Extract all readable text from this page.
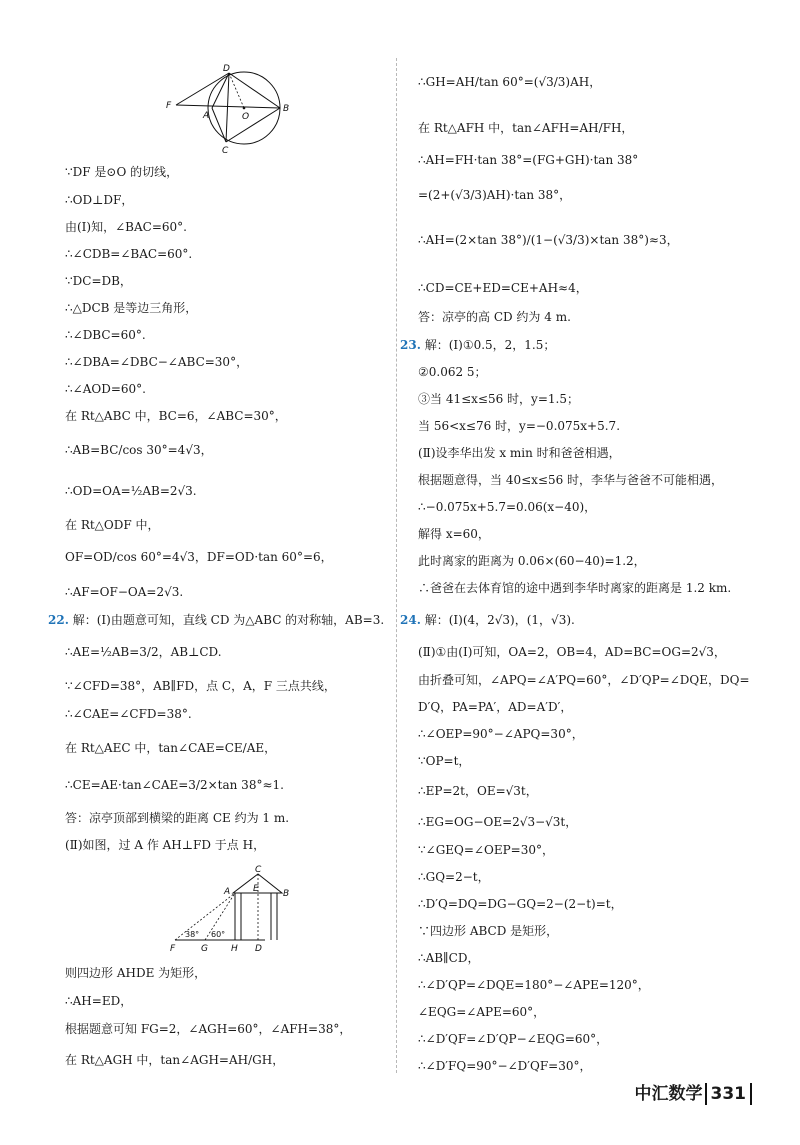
D
F
A	O
B
C
∵DF 是⊙O 的切线，
∴OD⊥DF，
由(Ⅰ)知，∠BAC=60°.
∴∠CDB=∠BAC=60°.
∵DC=DB，
∴△DCB 是等边三角形，
∴∠DBC=60°.
∴∠DBA=∠DBC−∠ABC=30°，
∴∠AOD=60°.
在 Rt△ABC 中，BC=6，∠ABC=30°，
∴AB=BC/cos 30°=4√3，
∴OD=OA=½AB=2√3.
在 Rt△ODF 中，
OF=OD/cos 60°=4√3，DF=OD·tan 60°=6，
∴AF=OF−OA=2√3.
22. 解：(Ⅰ)由题意可知，直线 CD 为△ABC 的对称轴，AB=3.
∴AE=½AB=3/2，AB⊥CD.
∵∠CFD=38°，AB∥FD，点 C，A，F 三点共线，
∴∠CAE=∠CFD=38°.
在 Rt△AEC 中，tan∠CAE=CE/AE，
∴CE=AE·tan∠CAE=3/2×tan 38°≈1.
答：凉亭顶部到横梁的距离 CE 约为 1 m.
(Ⅱ)如图，过 A 作 AH⊥FD 于点 H，
F	G	H D
A	E
C
B
38° 60°
则四边形 AHDE 为矩形，
∴AH=ED，
根据题意可知 FG=2，∠AGH=60°，∠AFH=38°，
在 Rt△AGH 中，tan∠AGH=AH/GH，
∴GH=AH/tan 60°=(√3/3)AH，
在 Rt△AFH 中，tan∠AFH=AH/FH，
∴AH=FH·tan 38°=(FG+GH)·tan 38°
=(2+(√3/3)AH)·tan 38°，
∴AH=(2×tan 38°)/(1−(√3/3)×tan 38°)≈3，
∴CD=CE+ED=CE+AH≈4，
答：凉亭的高 CD 约为 4 m.
23. 解：(Ⅰ)①0.5，2，1.5；
②0.062 5；
③当 41≤x≤56 时，y=1.5；
当 56<x≤76 时，y=−0.075x+5.7.
(Ⅱ)设李华出发 x min 时和爸爸相遇，
根据题意得，当 40≤x≤56 时，李华与爸爸不可能相遇，
∴−0.075x+5.7=0.06(x−40)，
解得 x=60，
此时离家的距离为 0.06×(60−40)=1.2，
∴爸爸在去体育馆的途中遇到李华时离家的距离是 1.2 km.
24. 解：(Ⅰ)(4，2√3)，(1，√3).
(Ⅱ)①由(Ⅰ)可知，OA=2，OB=4，AD=BC=OG=2√3，
由折叠可知，∠APQ=∠A′PQ=60°，∠D′QP=∠DQE，DQ=
D′Q，PA=PA′，AD=A′D′，
∴∠OEP=90°−∠APQ=30°，
∵OP=t，
∴EP=2t，OE=√3t，
∴EG=OG−OE=2√3−√3t，
∵∠GEQ=∠OEP=30°，
∴GQ=2−t，
∴D′Q=DQ=DG−GQ=2−(2−t)=t，
∵四边形 ABCD 是矩形，
∴AB∥CD，
∴∠D′QP=∠DQE=180°−∠APE=120°，
∠EQG=∠APE=60°，
∴∠D′QF=∠D′QP−∠EQG=60°，
∴∠D′FQ=90°−∠D′QF=30°，
中汇数学 331
